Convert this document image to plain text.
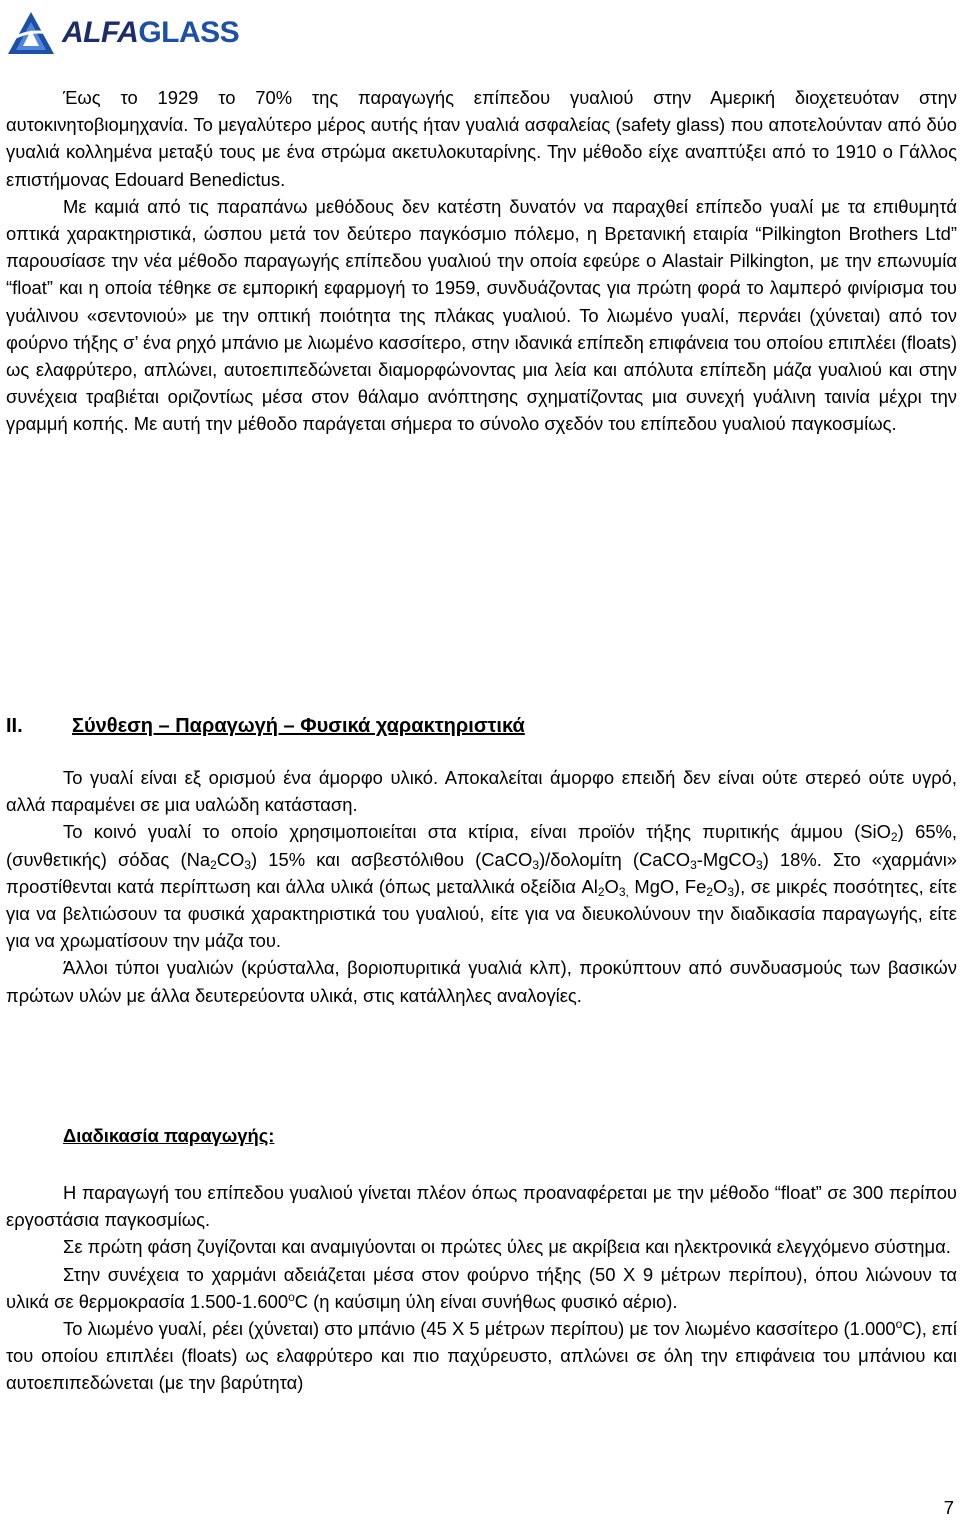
ALFAGLASS

Έως το 1929 το 70% της παραγωγής επίπεδου γυαλιού στην Αμερική διοχετευόταν στην αυτοκινητοβιομηχανία. Το μεγαλύτερο μέρος αυτής ήταν γυαλιά ασφαλείας (safety glass) που αποτελούνταν από δύο γυαλιά κολλημένα μεταξύ τους με ένα στρώμα ακετυλοκυταρίνης. Την μέθοδο είχε αναπτύξει από το 1910 ο Γάλλος επιστήμονας Edouard Benedictus.

Με καμιά από τις παραπάνω μεθόδους δεν κατέστη δυνατόν να παραχθεί επίπεδο γυαλί με τα επιθυμητά οπτικά χαρακτηριστικά, ώσπου μετά τον δεύτερο παγκόσμιο πόλεμο, η Βρετανική εταιρία “Pilkington Brothers Ltd” παρουσίασε την νέα μέθοδο παραγωγής επίπεδου γυαλιού την οποία εφεύρε ο Alastair Pilkington, με την επωνυμία “float” και η οποία τέθηκε σε εμπορική εφαρμογή το 1959, συνδυάζοντας για πρώτη φορά το λαμπερό φινίρισμα του γυάλινου «σεντονιού» με την οπτική ποιότητα της πλάκας γυαλιού. Το λιωμένο γυαλί, περνάει (χύνεται) από τον φούρνο τήξης σ’ ένα ρηχό μπάνιο με λιωμένο κασσίτερο, στην ιδανικά επίπεδη επιφάνεια του οποίου επιπλέει (floats) ως ελαφρύτερο, απλώνει, αυτοεπιπεδώνεται διαμορφώνοντας μια λεία και απόλυτα επίπεδη μάζα γυαλιού και στην συνέχεια τραβιέται οριζοντίως μέσα στον θάλαμο ανόπτησης σχηματίζοντας μια συνεχή γυάλινη ταινία μέχρι την γραμμή κοπής. Με αυτή την μέθοδο παράγεται σήμερα το σύνολο σχεδόν του επίπεδου γυαλιού παγκοσμίως.

II.	Σύνθεση – Παραγωγή – Φυσικά χαρακτηριστικά

Το γυαλί είναι εξ ορισμού ένα άμορφο υλικό. Αποκαλείται άμορφο επειδή δεν είναι ούτε στερεό ούτε υγρό, αλλά παραμένει σε μια υαλώδη κατάσταση.

Το κοινό γυαλί το οποίο χρησιμοποιείται στα κτίρια, είναι προϊόν τήξης πυριτικής άμμου (SiO$_2$) 65%, (συνθετικής) σόδας $(Na_2CO_3)$ 15% και ασβεστόλιθου (CaCO$_3$)/δολομίτη (CaCO$_3$-MgCO$_3$) 18%. Στο «χαρμάνι» προστίθενται κατά περίπτωση και άλλα υλικά (όπως μεταλλικά οξείδια $Al_2O_{3,}$ MgO, $Fe_2O_3$), σε μικρές ποσότητες, είτε για να βελτιώσουν τα φυσικά χαρακτηριστικά του γυαλιού, είτε για να διευκολύνουν την διαδικασία παραγωγής, είτε για να χρωματίσουν την μάζα του.

Άλλοι τύποι γυαλιών (κρύσταλλα, βοριοπυριτικά γυαλιά κλπ), προκύπτουν από συνδυασμούς των βασικών πρώτων υλών με άλλα δευτερεύοντα υλικά, στις κατάλληλες αναλογίες.

Διαδικασία παραγωγής:

Η παραγωγή του επίπεδου γυαλιού γίνεται πλέον όπως προαναφέρεται με την μέθοδο “float” σε 300 περίπου εργοστάσια παγκοσμίως.

Σε πρώτη φάση ζυγίζονται και αναμιγύονται οι πρώτες ύλες με ακρίβεια και ηλεκτρονικά ελεγχόμενο σύστημα.

Στην συνέχεια το χαρμάνι αδειάζεται μέσα στον φούρνο τήξης (50 Χ 9 μέτρων περίπου), όπου λιώνουν τα υλικά σε θερμοκρασία 1.500-1.600$^o$C (η καύσιμη ύλη είναι συνήθως φυσικό αέριο).

Το λιωμένο γυαλί, ρέει (χύνεται) στο μπάνιο (45 Χ 5 μέτρων περίπου) με τον λιωμένο κασσίτερο (1.000$^o$C), επί του οποίου επιπλέει (floats) ως ελαφρύτερο και πιο παχύρευστο, απλώνει σε όλη την επιφάνεια του μπάνιου και αυτοεπιπεδώνεται (με την βαρύτητα)

7
